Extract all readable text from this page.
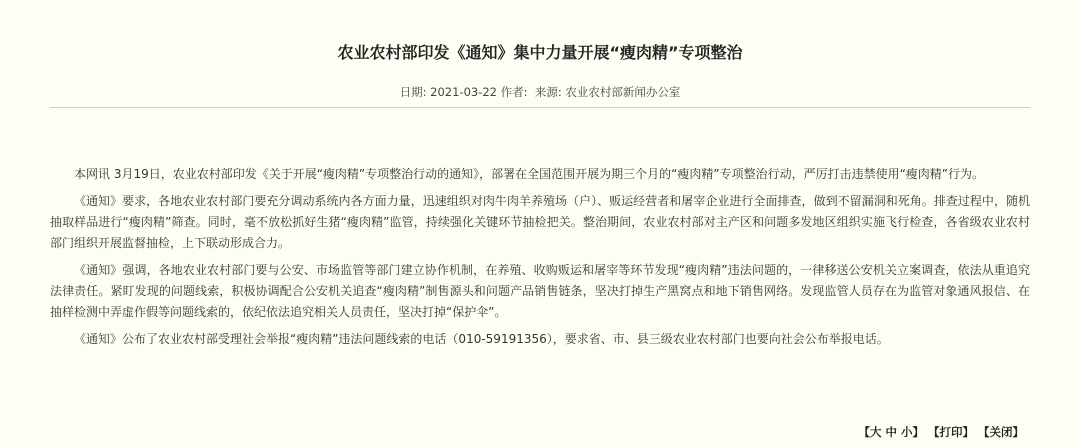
农业农村部印发《通知》集中力量开展“瘦肉精”专项整治
日期: 2021-03-22 作者: 来源: 农业农村部新闻办公室

本网讯 3月19日，农业农村部印发《关于开展“瘦肉精”专项整治行动的通知》，部署在全国范围开展为期三个月的“瘦肉精”专项整治行动，严厉打击违禁使用“瘦肉精”行为。

《通知》要求，各地农业农村部门要充分调动系统内各方面力量，迅速组织对肉牛肉羊养殖场（户）、贩运经营者和屠宰企业进行全面排查，做到不留漏洞和死角。排查过程中，随机抽取样品进行“瘦肉精”筛查。同时，毫不放松抓好生猪“瘦肉精”监管，持续强化关键环节抽检把关。整治期间，农业农村部对主产区和问题多发地区组织实施飞行检查，各省级农业农村部门组织开展监督抽检，上下联动形成合力。

《通知》强调，各地农业农村部门要与公安、市场监管等部门建立协作机制，在养殖、收购贩运和屠宰等环节发现“瘦肉精”违法问题的，一律移送公安机关立案调查，依法从重追究法律责任。紧盯发现的问题线索，积极协调配合公安机关追查“瘦肉精”制售源头和问题产品销售链条，坚决打掉生产黑窝点和地下销售网络。发现监管人员存在为监管对象通风报信、在抽样检测中弄虚作假等问题线索的，依纪依法追究相关人员责任，坚决打掉“保护伞”。

《通知》公布了农业农村部受理社会举报“瘦肉精”违法问题线索的电话（010-59191356），要求省、市、县三级农业农村部门也要向社会公布举报电话。

【大 中 小】 【打印】 【关闭】
